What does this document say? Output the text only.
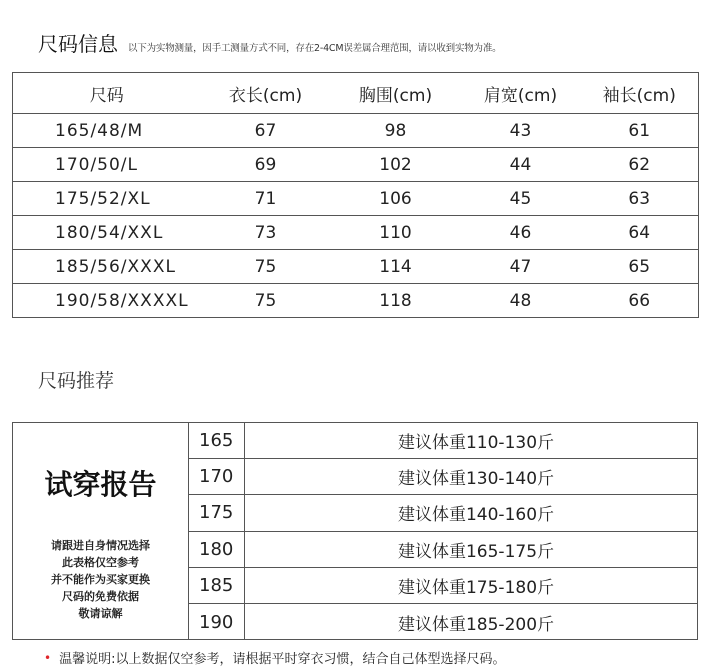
尺码信息 以下为实物测量，因手工测量方式不同，存在2-4CM误差属合理范围，请以收到实物为准。
尺码	衣长(cm)	胸围(cm)	肩宽(cm)	袖长(cm)
165/48/M	67	98	43	61
170/50/L	69	102	44	62
175/52/XL	71	106	45	63
180/54/XXL	73	110	46	64
185/56/XXXL	75	114	47	65
190/58/XXXXL	75	118	48	66
尺码推荐
试穿报告
请跟进自身情况选择
此表格仅空参考
并不能作为买家更换
尺码的免费依据
敬请谅解
165	建议体重110-130斤
170	建议体重130-140斤
175	建议体重140-160斤
180	建议体重165-175斤
185	建议体重175-180斤
190	建议体重185-200斤
• 温馨说明:以上数据仅空参考，请根据平时穿衣习惯，结合自己体型选择尺码。
